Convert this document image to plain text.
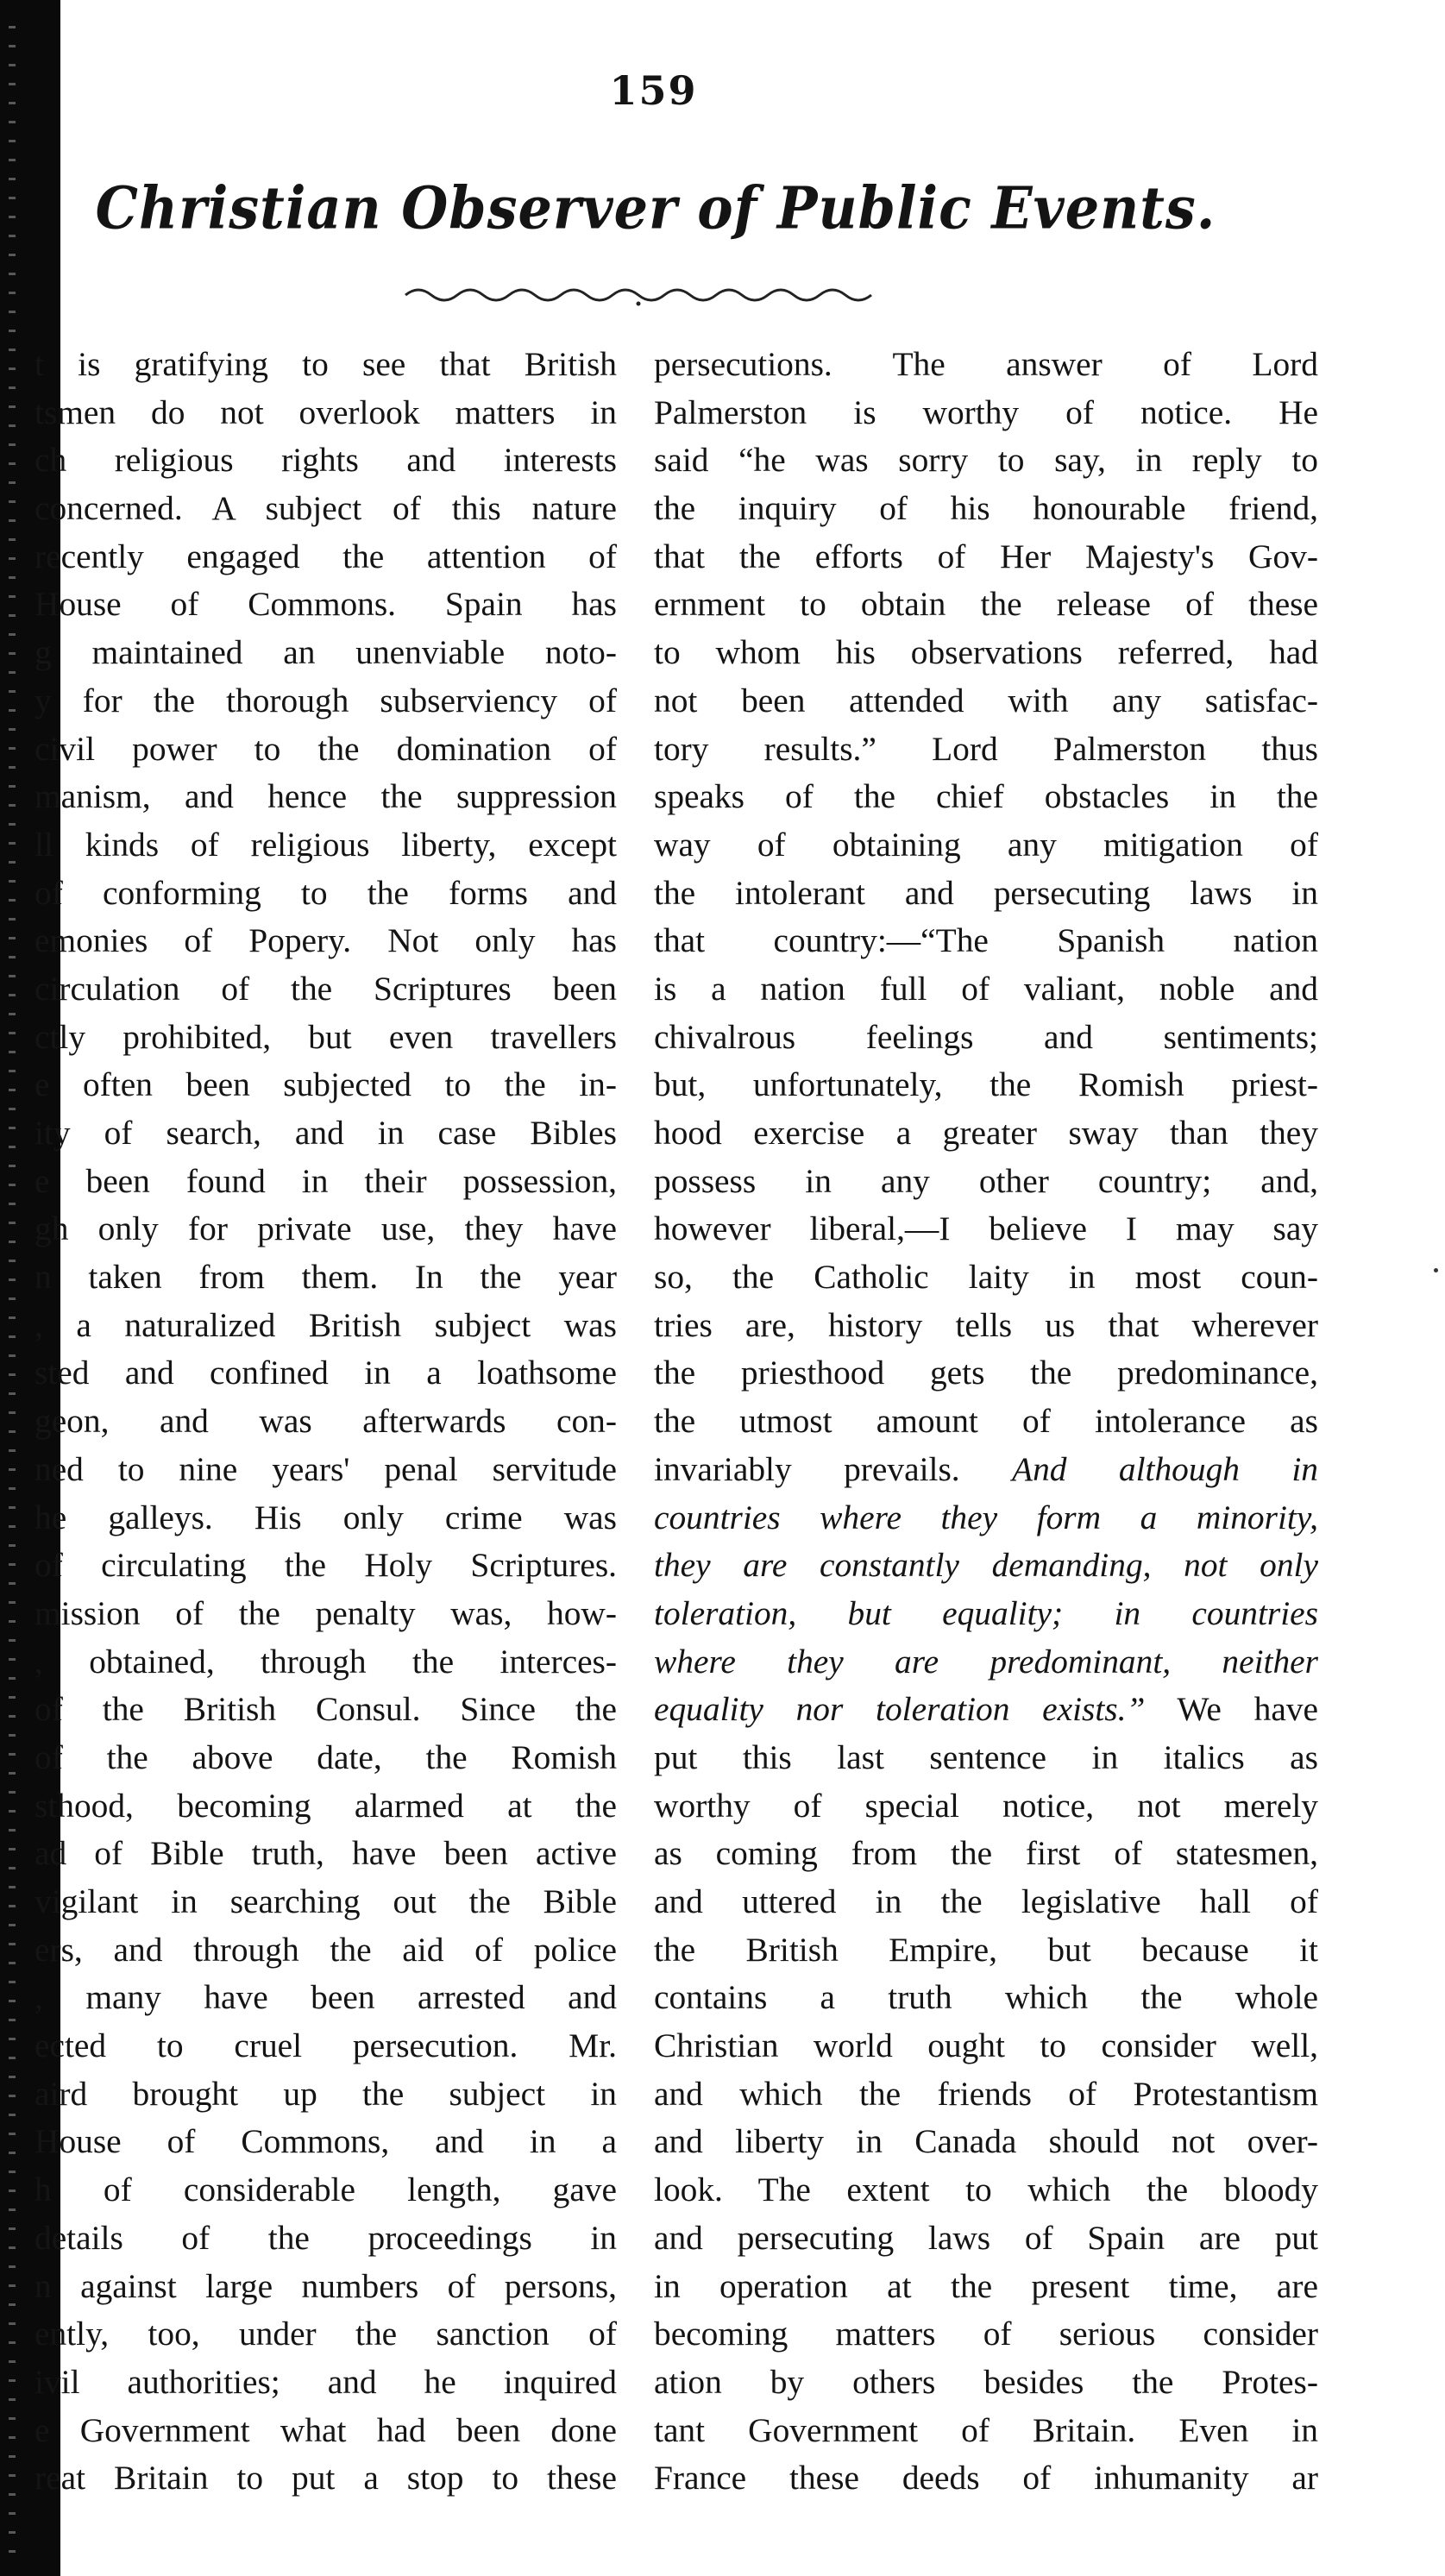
159
Christian Observer of Public Events.
t is gratifying to see that British
tsmen do not overlook matters in
ch religious rights and interests
concerned. A subject of this nature
recently engaged the attention of
House of Commons. Spain has
g maintained an unenviable noto-
y for the thorough subserviency of
civil power to the domination of
manism, and hence the suppression
ll kinds of religious liberty, except
of conforming to the forms and
emonies of Popery. Not only has
circulation of the Scriptures been
ctly prohibited, but even travellers
e often been subjected to the in-
ity of search, and in case Bibles
e been found in their possession,
gh only for private use, they have
n taken from them. In the year
, a naturalized British subject was
sted and confined in a loathsome
geon, and was afterwards con-
ned to nine years' penal servitude
he galleys. His only crime was
of circulating the Holy Scriptures.
mission of the penalty was, how-
, obtained, through the interces-
of the British Consul. Since the
of the above date, the Romish
sthood, becoming alarmed at the
ad of Bible truth, have been active
vigilant in searching out the Bible
ers, and through the aid of police
, many have been arrested and
ected to cruel persecution. Mr.
aird brought up the subject in
House of Commons, and in a
h of considerable length, gave
details of the proceedings in
n against large numbers of persons,
ently, too, under the sanction of
ivil authorities; and he inquired
e Government what had been done
reat Britain to put a stop to these
persecutions. The answer of Lord
Palmerston is worthy of notice. He
said “he was sorry to say, in reply to
the inquiry of his honourable friend,
that the efforts of Her Majesty's Gov-
ernment to obtain the release of these
to whom his observations referred, had
not been attended with any satisfac-
tory results.” Lord Palmerston thus
speaks of the chief obstacles in the
way of obtaining any mitigation of
the intolerant and persecuting laws in
that country:—“The Spanish nation
is a nation full of valiant, noble and
chivalrous feelings and sentiments;
but, unfortunately, the Romish priest-
hood exercise a greater sway than they
possess in any other country; and,
however liberal,—I believe I may say
so, the Catholic laity in most coun-
tries are, history tells us that wherever
the priesthood gets the predominance,
the utmost amount of intolerance as
invariably prevails. And although in
countries where they form a minority,
they are constantly demanding, not only
toleration, but equality; in countries
where they are predominant, neither
equality nor toleration exists.” We have
put this last sentence in italics as
worthy of special notice, not merely
as coming from the first of statesmen,
and uttered in the legislative hall of
the British Empire, but because it
contains a truth which the whole
Christian world ought to consider well,
and which the friends of Protestantism
and liberty in Canada should not over-
look. The extent to which the bloody
and persecuting laws of Spain are put
in operation at the present time, are
becoming matters of serious consider
ation by others besides the Protes-
tant Government of Britain. Even in
France these deeds of inhumanity ar
